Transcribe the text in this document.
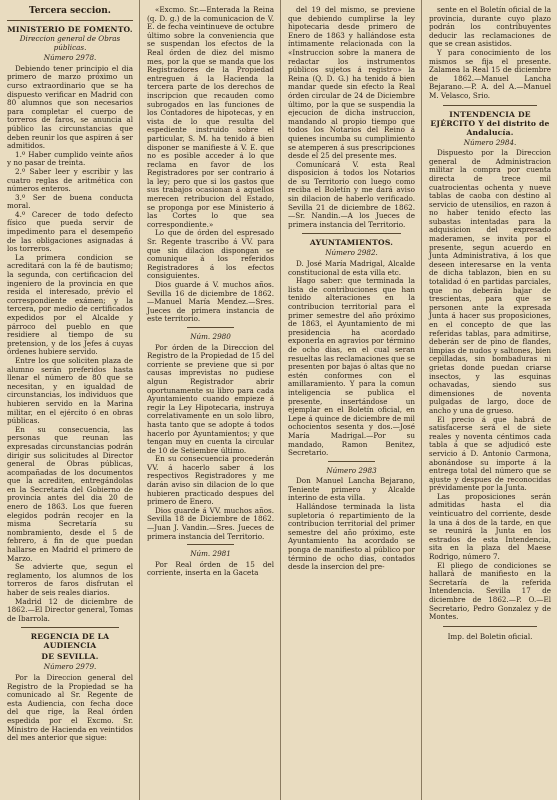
Tercera seccion.
MINISTERIO DE FOMENTO.
Direccion general de Obras públicas.
Número 2978.

Debiendo tener principio el dia primero de marzo próximo un curso extraordinario que se ha dispuesto verificar en Madrid con 80 alumnos que son necesarios para completar el cuerpo de torreros de faros, se anuncia al público las circunstancias que deben reunir los que aspiren á ser admitidos.

1.º Haber cumplido veinte años y no pasar de treinta.

2.º Saber leer y escribir y las cuatro reglas de aritmética con números enteros.

3.º Ser de buena conducta moral.

4.º Carecer de todo defecto físico que pueda servir de impedimento para el desempeño de las obligaciones asignadas á los torreros.

La primera condicion se acreditará con la fé de bautismo; la segunda, con certificacion del ingeniero de la provincia en que resida el interesado, prévio el correspondiente exámen; y la tercera, por medio de certificados expedidos por el Alcalde y párroco del pueblo en que residiere al tiempo de su pretension, y de los Jefes á cuyas órdenes hubiere servido.

Entre los que soliciten plaza de alumno serán preferidos hasta llenar el número de 80 que se necesitan, y en igualdad de circunstancias, los individuos que hubieren servido en la Marina militar, en el ejército ó en obras públicas.

En su consecuencia, las personas que reunan las expresadas circunstancias podrán dirigir sus solicitudes al Director general de Obras públicas, acompañadas de los documentos que la acrediten, entregándolas en la Secretaría del Gobierno de provincia antes del dia 20 de enero de 1863. Los que fueren elegidos podrán recojer en la misma Secretaría su nombramiento, desde el 5 de febrero, á fin de que puedan hallarse en Madrid el primero de Marzo.

Se advierte que, segun el reglamento, los alumnos de los torreros de faros disfrutan el haber de seis reales diarios.

Madrid 12 de diciembre de 1862.—El Director general, Tomas de Ibarrola.

REGENCIA DE LA AUDIENCIA
DE SEVILLA.
Número 2979.

Por la Direccion general del Registro de la Propiedad se ha comunicado al Sr. Regente de esta Audiencia, con fecha doce del que rige, la Real órden espedida por el Excmo. Sr. Ministro de Hacienda en veintidos del mes anterior que sigue:

«Excmo. Sr.—Enterada la Reina (q. D. g.) de la comunicacion de V. E. de fecha veintinueve de octubre último sobre la conveniencia que se suspendan los efectos de la Real órden de diez del mismo mes, por la que se manda que los Registradores de la Propiedad entreguen á la Hacienda la tercera parte de los derechos de inscripcion que recauden como subrogados en las funciones de los Contadores de hipotecas, y en vista de lo que resulta del espediente instruido sobre el particular, S. M. ha tenido á bien disponer se manifieste á V. E. que no es posible acceder á lo que reclama en favor de los Registradores por ser contrario á la ley; pero que si los gastos que sus trabajos ocasionan á aquellos merecen retribucion del Estado, se proponga por ese Ministerio á las Cortes lo que sea correspondiente.»

Lo que de órden del espresado Sr. Regente trascribo á VV. para que sin dilacion dispongan se comunique á los referidos Registradores á los efectos consiguientes.

Dios guarde á V. muchos años. Sevilla 16 de diciembre de 1862.—Manuel María Mendez.—Sres. Jueces de primera instancia de este territorio.

Núm. 2980

Por órden de la Direccion del Registro de la Propiedad de 15 del corriente se previene que si por causas imprevistas no pudiese algun Registrador abrir oportunamente su libro para cada Ayuntamiento cuando empieze á regir la Ley Hipotecaria, instruya correlativamente en un solo libro, hasta tanto que se adopte á todos hacerlo por Ayuntamientos; y que tengan muy en cuenta la circular de 10 de Setiembre último.

En su consecuencia procederán VV. á hacerlo saber á los respectivos Registradores y me darán aviso sin dilacion de lo que hubieren practicado despues del primero de Enero.

Dios guarde á VV. muchos años. Sevilla 18 de Diciembre de 1862.—Juan J. Vandin.—Sres. Jueces de primera instancia del Territorio.

Núm. 2981

Por Real órden de 15 del corriente, inserta en la Gaceta

del 19 del mismo, se previene que debiendo cumplirse la ley hipotecaria desde primero de Enero de 1863 y hallándose esta íntimamente relacionada con la «Instruccion sobre la manera de redactar los instrumentos públicos sujetos á registro» la Reina (Q. D. G.) ha tenido á bien mandar quede sin efecto la Real órden circular de 24 de Diciembre último, por la que se suspendia la ejecucion de dicha instruccion, mandando al propio tiempo que todos los Notarios del Reino á quienes incumba su cumplimiento se atemperen á sus prescripciones desde el 25 del presente mes.

Comunícará V. esta Real disposicion á todos los Notarios de su Territorio con luego como reciba el Boletín y me dará aviso sin dilacion de haberlo verificado. Sevilla 21 de diciembre de 1862.—Sr. Nandin.—A los Jueces de primera instancia del Territorio.

AYUNTAMIENTOS.
Número 2982.

D. José María Madrigal, Alcalde constitucional de esta villa etc.

Hago saber: que terminada la lista de contribuciones que han tenido alteraciones en la contribucion territorial para el primer semestre del año próximo de 1863, el Ayuntamiento de mi presidencia ha acordado exponerla en agravios por término de ocho dias, en el cual seran resueltas las reclamaciones que se presenten por bajas ó altas que no estén conformes con el amillaramiento. Y para la comun inteligencia se publica el presente, insertándose un ejemplar en el Boletín oficial, en Lepe á quince de diciembre de mil ochocientos sesenta y dos.—José María Madrigal.—Por su mandado, Ramon Benitez, Secretario.

Número 2983

Don Manuel Lancha Bejarano, Teniente primero y Alcalde interino de esta villa.

Hallándose terminada la lista supletoria ó repartimiento de la contribucion territorial del primer semestre del año próximo, este Ayuntamiento ha acordado se ponga de manifiesto al público por término de ocho dias, contados desde la insercion del pre-

sente en el Boletín oficial de la provincia, durante cuyo plazo podrán los contribuyentes deducir las reclamaciones de que se crean asistidos.

Y para conocimiento de los mismos se fija el presente. Zalamea la Real 15 de diciembre de 1862.—Manuel Lancha Bejarano.—P. A. del A.—Manuel M. Velasco, Srio.

INTENDENCIA DE EJÉRCITO Y del distrito de Andalucía.
Número 2984.

Dispuesto por la Direccion general de Administracion militar la compra por cuenta directa de trece mil cuatrocientas ochenta y nueve tablas de caoba con destino al servicio de utensilios, en razon á no haber tenido efecto las subastas intentadas para la adquisicion del expresado maderamen, se invita por el presente, segun acuerdo en Junta Administrativa, á los que deseen interesarse en la venta de dicha tablazon, bien en su totalidad ó en partidas parciales, que no deberán bajar de trescientas, para que se personen ante la expresada Junta á hacer sus proposiciones, en el concepto de que las referidas tablas, para admitirse, deberán ser de pino de flandes, limpias de nudos y saltones, bien cepilladas, sin bombaduras ni grietas donde puedan criarse insectos, y las esquinas ochavadas, siendo sus dimensiones de noventa pulgadas de largo, doce de ancho y una de grueso.

El precio á que habrá de satisfacerse será el de siete reales y noventa céntimos cada tabla á que se adjudicó este servicio á D. Antonio Carmona, abonándose su importe á la entrega total del número que se ajuste y despues de reconocidas prévidamente por la Junta.

Las proposiciones serán admitidas hasta el dia veinticuatro del corriente, desde la una á dos de la tarde, en que se reunirá la Junta en los estrados de esta Intendencia, sita en la plaza del Maese Rodrigo, número 7.

El pliego de condiciones se hallará de manifiesto en la Secretaría de la referida Intendencia. Sevilla 17 de diciembre de 1862.—P. O.—El Secretario, Pedro Gonzalez y de Montes.

Imp. del Boletin oficial.
